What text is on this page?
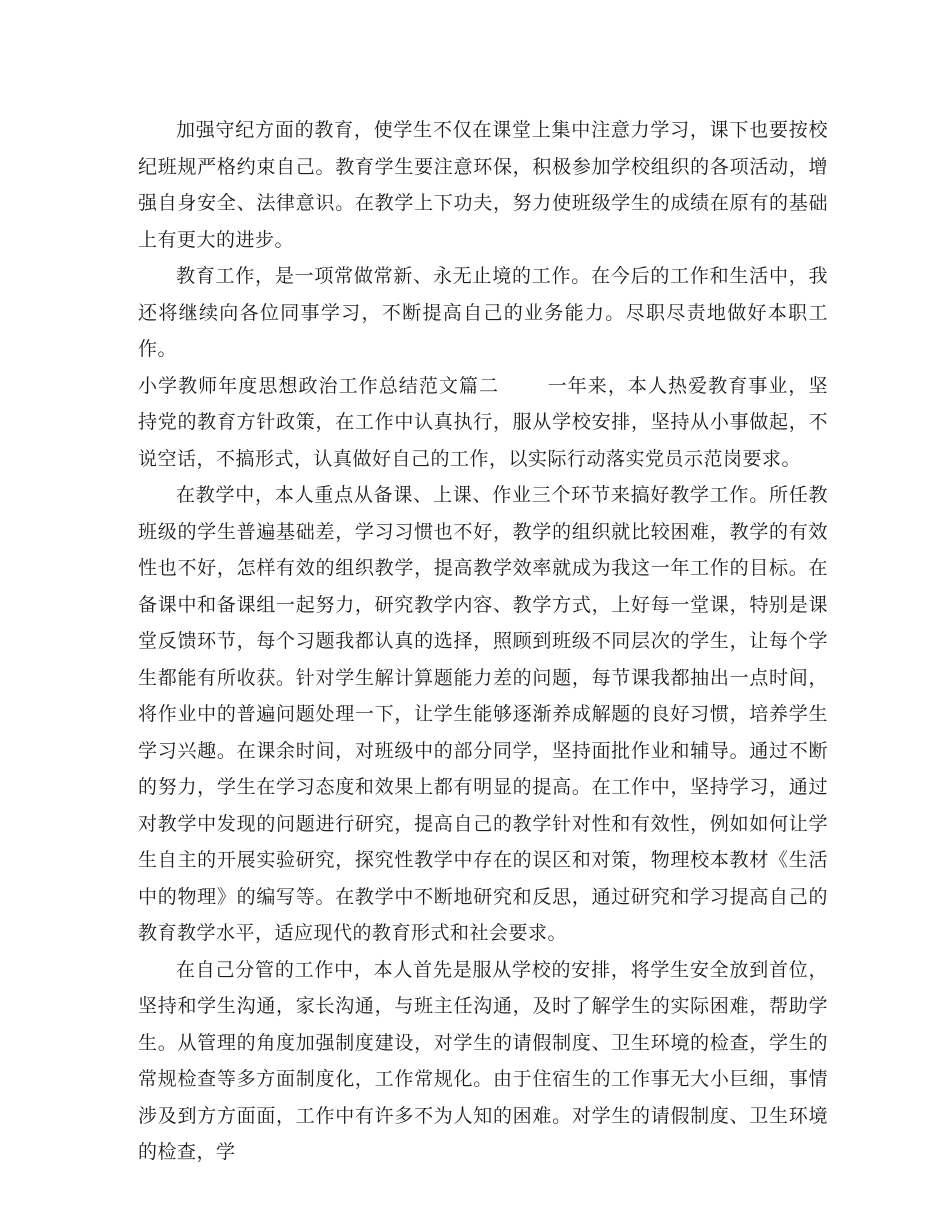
加强守纪方面的教育，使学生不仅在课堂上集中注意力学习，课下也要按校纪班规严格约束自己。教育学生要注意环保，积极参加学校组织的各项活动，增强自身安全、法律意识。在教学上下功夫，努力使班级学生的成绩在原有的基础上有更大的进步。

教育工作，是一项常做常新、永无止境的工作。在今后的工作和生活中，我还将继续向各位同事学习，不断提高自己的业务能力。尽职尽责地做好本职工作。

小学教师年度思想政治工作总结范文篇二	一年来，本人热爱教育事业，坚持党的教育方针政策，在工作中认真执行，服从学校安排，坚持从小事做起，不说空话，不搞形式，认真做好自己的工作，以实际行动落实党员示范岗要求。

在教学中，本人重点从备课、上课、作业三个环节来搞好教学工作。所任教班级的学生普遍基础差，学习习惯也不好，教学的组织就比较困难，教学的有效性也不好，怎样有效的组织教学，提高教学效率就成为我这一年工作的目标。在备课中和备课组一起努力，研究教学内容、教学方式，上好每一堂课，特别是课堂反馈环节，每个习题我都认真的选择，照顾到班级不同层次的学生，让每个学生都能有所收获。针对学生解计算题能力差的问题，每节课我都抽出一点时间，将作业中的普遍问题处理一下，让学生能够逐渐养成解题的良好习惯，培养学生学习兴趣。在课余时间，对班级中的部分同学，坚持面批作业和辅导。通过不断的努力，学生在学习态度和效果上都有明显的提高。在工作中，坚持学习，通过对教学中发现的问题进行研究，提高自己的教学针对性和有效性，例如如何让学生自主的开展实验研究，探究性教学中存在的误区和对策，物理校本教材《生活中的物理》的编写等。在教学中不断地研究和反思，通过研究和学习提高自己的教育教学水平，适应现代的教育形式和社会要求。

在自己分管的工作中，本人首先是服从学校的安排，将学生安全放到首位，坚持和学生沟通，家长沟通，与班主任沟通，及时了解学生的实际困难，帮助学生。从管理的角度加强制度建设，对学生的请假制度、卫生环境的检查，学生的常规检查等多方面制度化，工作常规化。由于住宿生的工作事无大小巨细，事情涉及到方方面面，工作中有许多不为人知的困难。对学生的请假制度、卫生环境的检查，学
